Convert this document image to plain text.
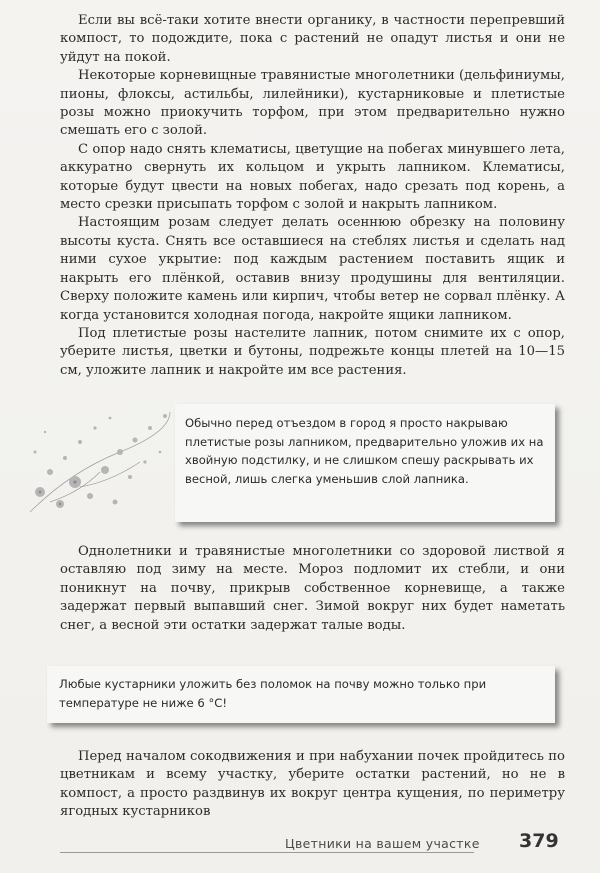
Если вы всё-таки хотите внести органику, в частности перепревший компост, то подождите, пока с растений не опадут листья и они не уйдут на покой.

Некоторые корневищные травянистые многолетники (дельфиниумы, пионы, флоксы, астильбы, лилейники), кустарниковые и плетистые розы можно приокучить торфом, при этом предварительно нужно смешать его с золой.

С опор надо снять клематисы, цветущие на побегах минувшего лета, аккуратно свернуть их кольцом и укрыть лапником. Клематисы, которые будут цвести на новых побегах, надо срезать под корень, а место срезки присыпать торфом с золой и накрыть лапником.

Настоящим розам следует делать осеннюю обрезку на половину высоты куста. Снять все оставшиеся на стеблях листья и сделать над ними сухое укрытие: под каждым растением поставить ящик и накрыть его плёнкой, оставив внизу продушины для вентиляции. Сверху положите камень или кирпич, чтобы ветер не сорвал плёнку. А когда установится холодная погода, накройте ящики лапником.

Под плетистые розы настелите лапник, потом снимите их с опор, уберите листья, цветки и бутоны, подрежьте концы плетей на 10—15 см, уложите лапник и накройте им все растения.

Обычно перед отъездом в город я просто накрываю плетистые розы лапником, предварительно уложив их на хвойную подстилку, и не слишком спешу раскрывать их весной, лишь слегка уменьшив слой лапника.

Однолетники и травянистые многолетники со здоровой листвой я оставляю под зиму на месте. Мороз подломит их стебли, и они поникнут на почву, прикрыв собственное корневище, а также задержат первый выпавший снег. Зимой вокруг них будет наметать снег, а весной эти остатки задержат талые воды.

Любые кустарники уложить без поломок на почву можно только при температуре не ниже 6 °С!

Перед началом сокодвижения и при набухании почек пройдитесь по цветникам и всему участку, уберите остатки растений, но не в компост, а просто раздвинув их вокруг центра кущения, по периметру ягодных кустарников

Цветники на вашем участке 379
